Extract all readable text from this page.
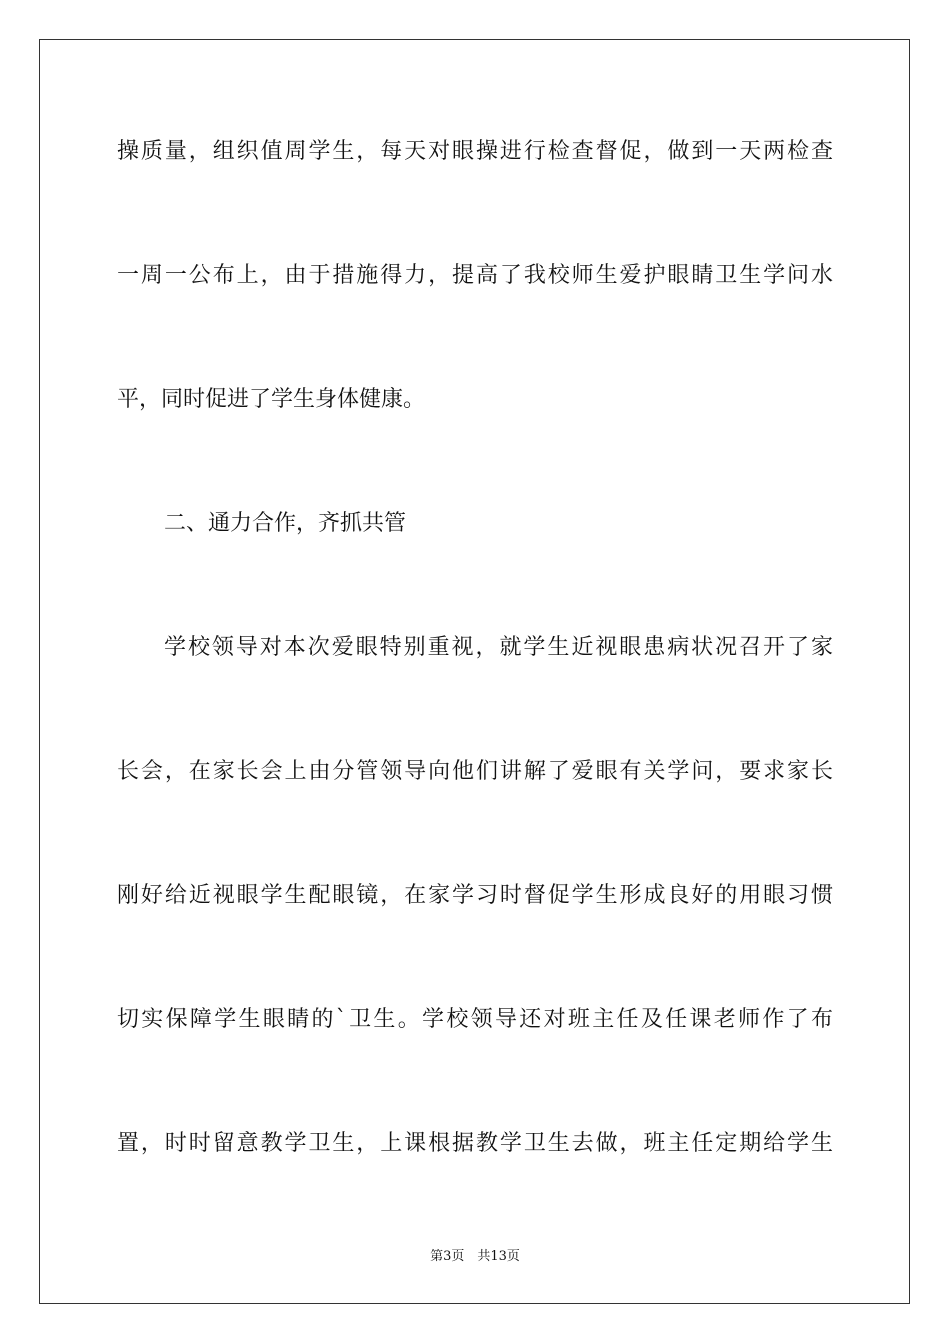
操质量，组织值周学生，每天对眼操进行检查督促，做到一天两检查
一周一公布上，由于措施得力，提高了我校师生爱护眼睛卫生学问水
平，同时促进了学生身体健康。
二、通力合作，齐抓共管
学校领导对本次爱眼特别重视，就学生近视眼患病状况召开了家
长会，在家长会上由分管领导向他们讲解了爱眼有关学问，要求家长
刚好给近视眼学生配眼镜，在家学习时督促学生形成良好的用眼习惯
切实保障学生眼睛的`卫生。学校领导还对班主任及任课老师作了布
置，时时留意教学卫生，上课根据教学卫生去做，班主任定期给学生
第3页　共13页
